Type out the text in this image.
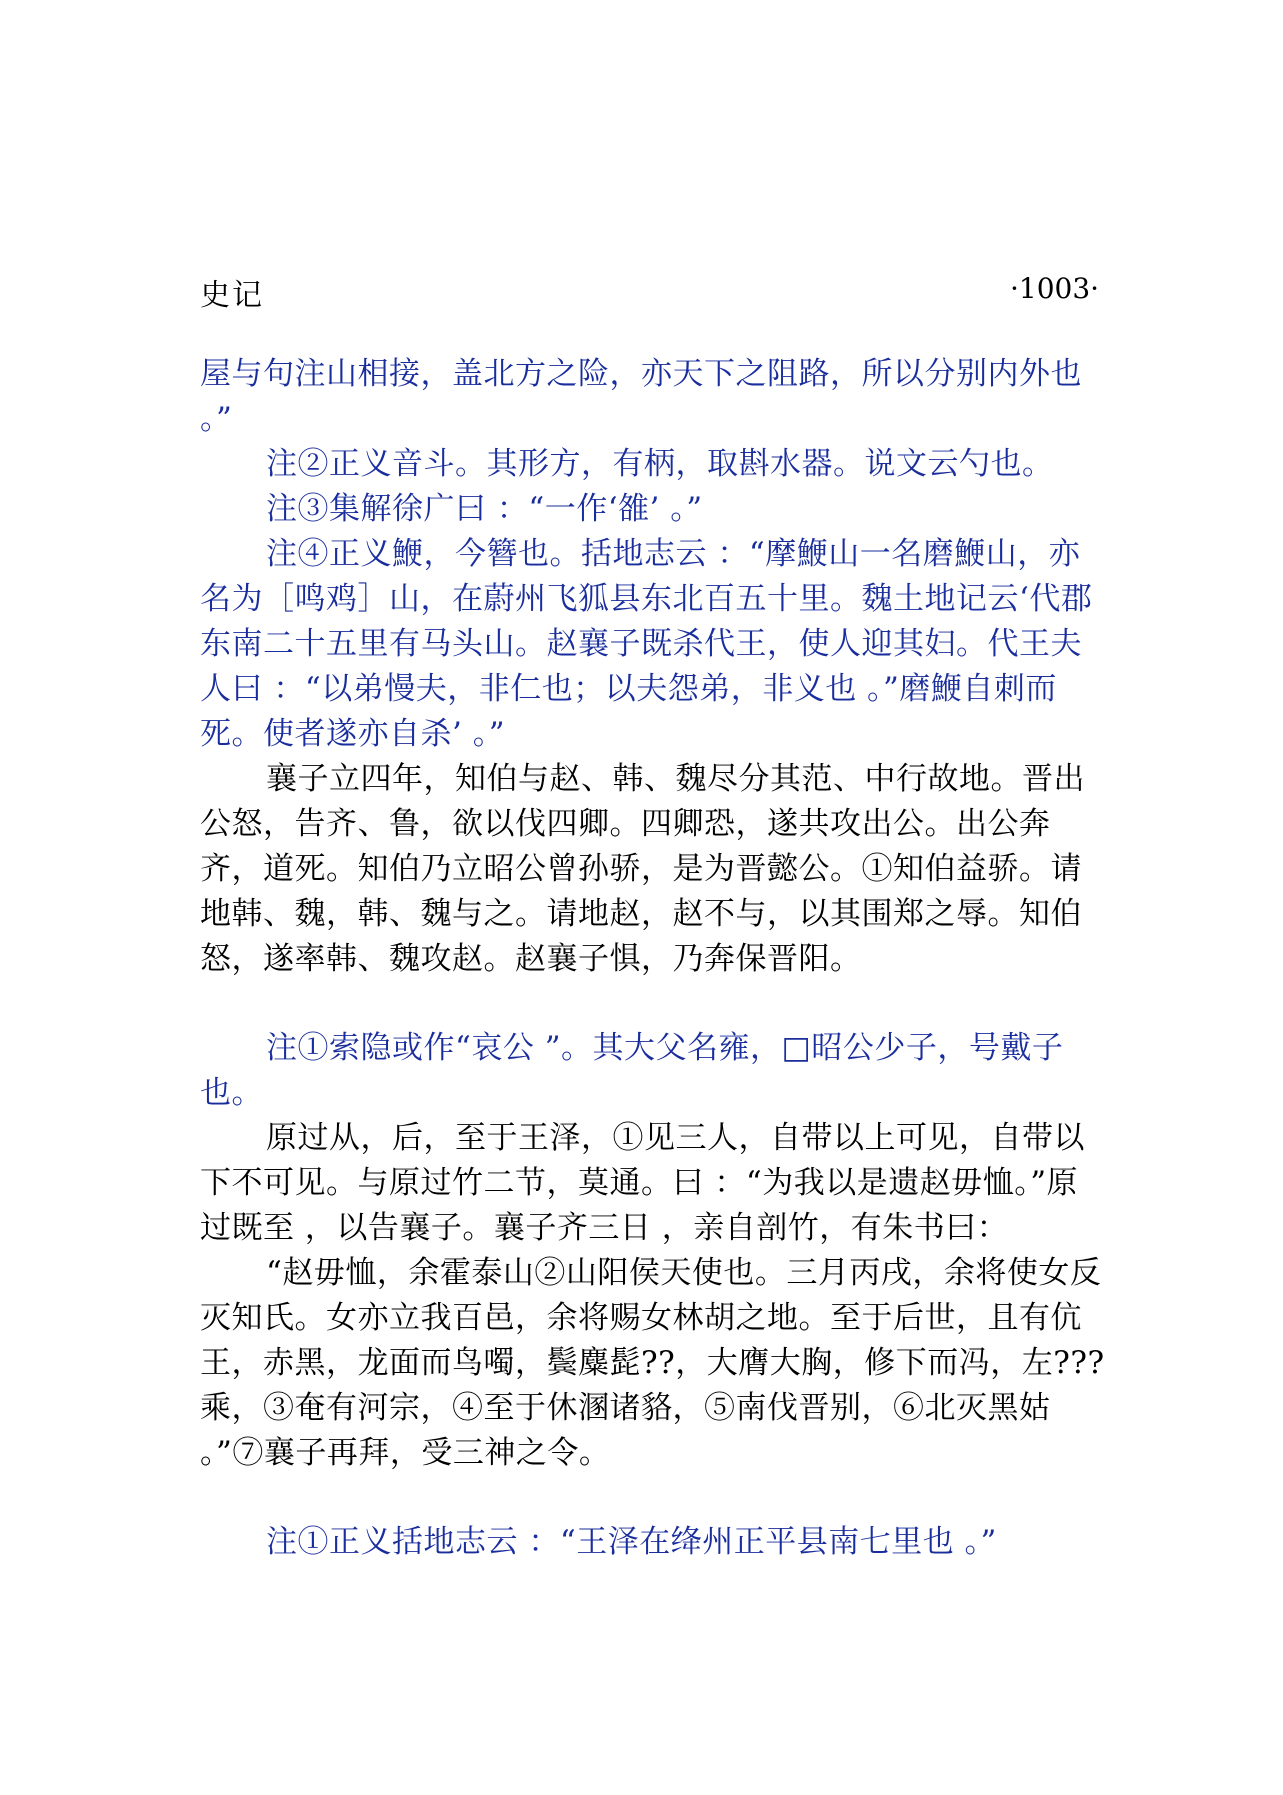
史记	·1003·

屋与句注山相接，盖北方之险，亦天下之阻路，所以分别内外也 。”

注②正义音斗。其形方，有柄，取斟水器。说文云勺也。

注③集解徐广曰 ：“一作‘雒’ 。”

注④正义鯾，今簪也。括地志云 ：“摩鯾山一名磨鯾山，亦名为［鸣鸡］山，在蔚州飞狐县东北百五十里。魏土地记云‘代郡东南二十五里有马头山。赵襄子既杀代王，使人迎其妇。代王夫人曰 ：“以弟慢夫，非仁也；以夫怨弟，非义也 。”磨鯾自刺而死。使者遂亦自杀’ 。”

襄子立四年，知伯与赵、韩、魏尽分其范、中行故地。晋出公怒，告齐、鲁，欲以伐四卿。四卿恐，遂共攻出公。出公奔齐，道死。知伯乃立昭公曾孙骄，是为晋懿公。①知伯益骄。请地韩、魏，韩、魏与之。请地赵，赵不与，以其围郑之辱。知伯怒，遂率韩、魏攻赵。赵襄子惧，乃奔保晋阳。

注①索隐或作“哀公 ”。其大父名雍，□昭公少子，号戴子也。

原过从，后，至于王泽，①见三人，自带以上可见，自带以下不可见。与原过竹二节，莫通。曰 ：“为我以是遗赵毋恤。”原过既至 ，以告襄子。襄子齐三日 ，亲自剖竹，有朱书曰：

“赵毋恤，余霍泰山②山阳侯天使也。三月丙戌，余将使女反灭知氏。女亦立我百邑，余将赐女林胡之地。至于后世，且有伉王，赤黑，龙面而鸟噣，鬓麋髭??，大膺大胸，修下而冯，左???乘，③奄有河宗，④至于休溷诸貉，⑤南伐晋别，⑥北灭黑姑 。”⑦襄子再拜，受三神之令。

注①正义括地志云 ：“王泽在绛州正平县南七里也 。”
